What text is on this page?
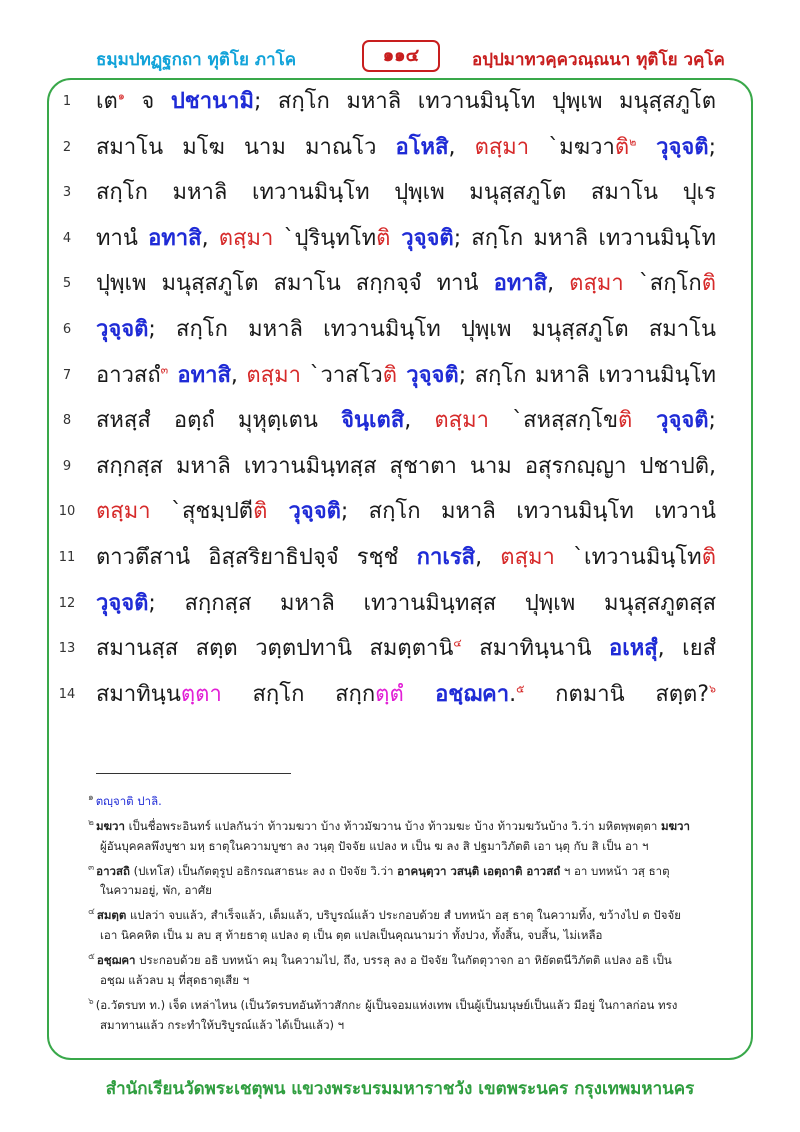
ธมฺมปทฏฺฐกถา ทุติโย ภาโค	๑๑๔	อปฺปมาทวคฺควณฺณนา ทุติโย วคฺโค
1	เต$^๑$ จ ปชานามิ; สกฺโก มหาลิ เทวานมินฺโท ปุพฺเพ มนุสฺสภูโต
2	สมาโน มโฆ นาม มาณโว อโหสิ, ตสฺมา `มฆวาติ$^๒$ วุจฺจติ;
3	สกฺโก มหาลิ เทวานมินฺโท ปุพฺเพ มนุสฺสภูโต สมาโน ปุเร
4	ทานํ อทาสิ, ตสฺมา `ปุรินฺทโทติ วุจฺจติ; สกฺโก มหาลิ เทวานมินฺโท
5	ปุพฺเพ มนุสฺสภูโต สมาโน สกฺกจฺจํ ทานํ อทาสิ, ตสฺมา `สกฺโกติ
6	วุจฺจติ; สกฺโก มหาลิ เทวานมินฺโท ปุพฺเพ มนุสฺสภูโต สมาโน
7	อาวสถํ$^๓$ อทาสิ, ตสฺมา `วาสโวติ วุจฺจติ; สกฺโก มหาลิ เทวานมินฺโท
8	สหสฺสํ อตฺถํ มุหุตฺเตน จินฺเตสิ, ตสฺมา `สหสฺสกฺโขติ วุจฺจติ;
9	สกฺกสฺส มหาลิ เทวานมินฺทสฺส สุชาตา นาม อสุรกญฺญา ปชาปติ,
10 ตสฺมา `สุชมฺปตีติ วุจฺจติ; สกฺโก มหาลิ เทวานมินฺโท เทวานํ
11 ตาวตึสานํ อิสฺสริยาธิปจฺจํ รชฺชํ กาเรสิ, ตสฺมา `เทวานมินฺโทติ
12 วุจฺจติ; สกฺกสฺส มหาลิ เทวานมินฺทสฺส ปุพฺเพ มนุสฺสภูตสฺส
13 สมานสฺส สตฺต วตฺตปทานิ สมตฺตานิ$^๔$ สมาทินฺนานิ อเหสุํ, เยสํ
14 สมาทินฺนตฺตา สกฺโก สกฺกตฺตํ อชฺฌคา.$^๕$ กตมานิ สตฺต?$^๖$
$^๑$ ตญฺจาติ ปาลิ.
$^๒$ มฆวา เป็นชื่อพระอินทร์ แปลกันว่า ท้าวมฆวา บ้าง ท้าวมัฆวาน บ้าง ท้าวมฆะ บ้าง ท้าวมฆวันบ้าง วิ.ว่า มหิตพฺพตฺตา มฆวา
ผู้อันบุคคลพึงบูชา มหฺ ธาตุในความบูชา ลง วนฺตุ ปัจจัย แปลง ห เป็น ฆ ลง สิ ปฐมาวิภัตติ เอา นฺตุ กับ สิ เป็น อา ฯ
$^๓$ อาวสถิ (ปเทโส) เป็นกัตตุรูป อธิกรณสาธนะ ลง ถ ปัจจัย วิ.ว่า อาคนฺตฺวา วสนฺติ เอตฺถาติ อาวสถํ ฯ อา บทหน้า วสฺ ธาตุ
ในความอยู่, พัก, อาศัย
$^๔$ สมตฺต แปลว่า จบแล้ว, สำเร็จแล้ว, เต็มแล้ว, บริบูรณ์แล้ว ประกอบด้วย สํ บทหน้า อสฺ ธาตุ ในความทิ้ง, ขว้างไป ต ปัจจัย
เอา นิคคหิต เป็น ม ลบ สฺ ท้ายธาตุ แปลง ตฺ เป็น ตฺต แปลเป็นคุณนามว่า ทั้งปวง, ทั้งสิ้น, จบสิ้น, ไม่เหลือ
$^๕$ อชฺฌคา ประกอบด้วย อธิ บทหน้า คมฺ ในความไป, ถึง, บรรลุ ลง อ ปัจจัย ในกัตตุวาจก อา หิยัตตนีวิภัตติ แปลง อธิ เป็น
อชฺฌ แล้วลบ มฺ ที่สุดธาตุเสีย ฯ
$^๖$ (อ.วัตรบท ท.) เจ็ด เหล่าไหน (เป็นวัตรบทอันท้าวสักกะ ผู้เป็นจอมแห่งเทพ เป็นผู้เป็นมนุษย์เป็นแล้ว มีอยู่ ในกาลก่อน ทรง
สมาทานแล้ว กระทำให้บริบูรณ์แล้ว ได้เป็นแล้ว) ฯ
สำนักเรียนวัดพระเชตุพน แขวงพระบรมมหาราชวัง เขตพระนคร กรุงเทพมหานคร
